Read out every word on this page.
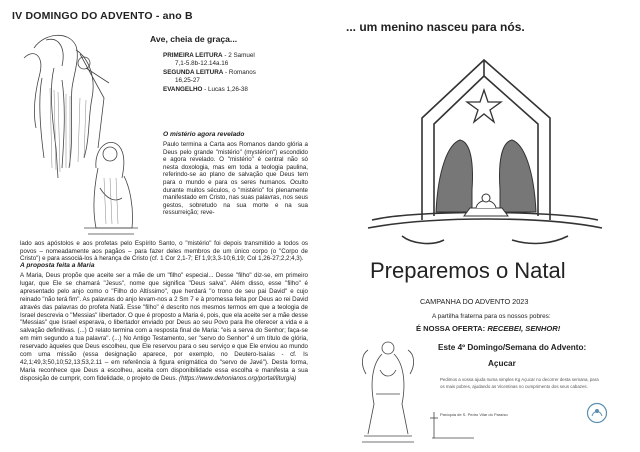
IV DOMINGO DO ADVENTO - ano B
Ave, cheia de graça...
PRIMEIRA LEITURA - 2 Samuel
7,1-5.8b-12.14a.16
SEGUNDA LEITURA - Romanos
16,25-27
EVANGELHO - Lucas 1,26-38
O mistério agora revelado
Paulo termina a Carta aos Romanos dando glória a Deus pelo grande "mistério" (mystérion") escondido e agora revelado. O "mistério" é central não só nesta doxologia, mas em toda a teologia paulina, referindo-se ao plano de salvação que Deus tem para o mundo e para os seres humanos. Oculto durante muitos séculos, o "mistério" foi plenamente manifestado em Cristo, nas suas palavras, nos seus gestos, sobretudo na sua morte e na sua ressurreição; reve-
lado aos apóstolos e aos profetas pelo Espírito Santo, o "mistério" foi depois transmitido a todos os povos – nomeadamente aos pagãos – para fazer deles membros de um único corpo (o "Corpo de Cristo") e para associá-los à herança de Cristo (cf. 1 Cor 2,1-7; Ef 1,9;3,3-10;6,19; Col 1,26-27;2,2;4,3).
A proposta feita a Maria
A Maria, Deus propõe que aceite ser a mãe de um "filho" especial... Desse "filho" diz-se, em primeiro lugar, que Ele se chamará "Jesus", nome que significa "Deus salva". Além disso, esse "filho" é apresentado pelo anjo como o "Filho do Altíssimo", que herdará "o trono de seu pai David" e cujo reinado "não terá fim". As palavras do anjo levam-nos a 2 Sm 7 e à promessa feita por Deus ao rei David através das palavras do profeta Natã. Esse "filho" é descrito nos mesmos termos em que a teologia de Israel descrevia o "Messias" libertador. O que é proposto a Maria é, pois, que ela aceite ser a mãe desse "Messias" que Israel esperava, o libertador enviado por Deus ao seu Povo para lhe oferecer a vida e a salvação definitivas. (...) O relato termina com a resposta final de Maria: "eis a serva do Senhor; faça-se em mim segundo a tua palavra". (...) No Antigo Testamento, ser "servo do Senhor" é um título de glória, reservado àqueles que Deus escolheu, que Ele reservou para o seu serviço e que Ele enviou ao mundo com uma missão (essa designação aparece, por exemplo, no Deutero-Isaías - cf. Is 42,1;49,3;50,10;52,13;53,2.11 – em referência à figura enigmática do "servo de Javé"). Desta forma, Maria reconhece que Deus a escolheu, aceita com disponibilidade essa escolha e manifesta a sua disposição de cumprir, com fidelidade, o projeto de Deus. (https://www.dehonianos.org/portal/liturgia)
... um menino nasceu para nós.
Preparemos o Natal
CAMPANHA DO ADVENTO 2023
A partilha fraterna para os nossos pobres:
É NOSSA OFERTA: RECEBEI, SENHOR!
Este 4º Domingo/Semana do Advento:
Açucar
Pedimos a vossa ajuda numa simples Kg Açucar no decorrer desta semana, para os mais pobres, ajudando as Vicentinas no cumprimento dos seus cabazes.
Paróquia de S. Pedro Vilar do Paraíso
